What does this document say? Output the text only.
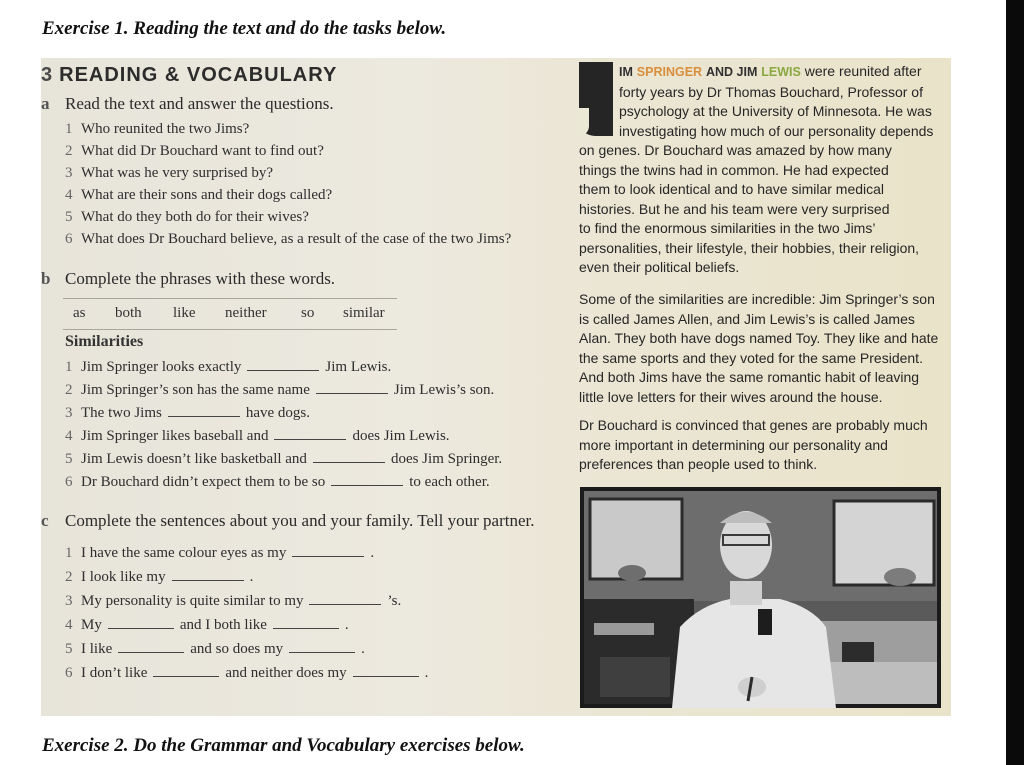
Exercise 1. Reading the text and do the tasks below.
3 READING & VOCABULARY
a Read the text and answer the questions.
1 Who reunited the two Jims?
2 What did Dr Bouchard want to find out?
3 What was he very surprised by?
4 What are their sons and their dogs called?
5 What do they both do for their wives?
6 What does Dr Bouchard believe, as a result of the case of the two Jims?
b Complete the phrases with these words.
as both like neither so similar
Similarities
1 Jim Springer looks exactly	Jim Lewis.
2 Jim Springer’s son has the same name	Jim Lewis’s son.
3 The two Jims	have dogs.
4 Jim Springer likes baseball and	does Jim Lewis.
5 Jim Lewis doesn’t like basketball and	does Jim Springer.
6 Dr Bouchard didn’t expect them to be so	to each other.
c Complete the sentences about you and your family. Tell your partner.
1 I have the same colour eyes as my	.
2 I look like my	.
3 My personality is quite similar to my	’s.
4 My	and I both like	.
5 I like	and so does my	.
6 I don’t like	and neither does my	.
IM SPRINGER AND JIM LEWIS were reunited after
forty years by Dr Thomas Bouchard, Professor of
psychology at the University of Minnesota. He was
investigating how much of our personality depends
on genes. Dr Bouchard was amazed by how many
things the twins had in common. He had expected
them to look identical and to have similar medical
histories. But he and his team were very surprised
to find the enormous similarities in the two Jims’
personalities, their lifestyle, their hobbies, their religion,
even their political beliefs.
Some of the similarities are incredible: Jim Springer’s son
is called James Allen, and Jim Lewis’s is called James
Alan. They both have dogs named Toy. They like and hate
the same sports and they voted for the same President.
And both Jims have the same romantic habit of leaving
little love letters for their wives around the house.
Dr Bouchard is convinced that genes are probably much
more important in determining our personality and
preferences than people used to think.
Exercise 2. Do the Grammar and Vocabulary exercises below.
